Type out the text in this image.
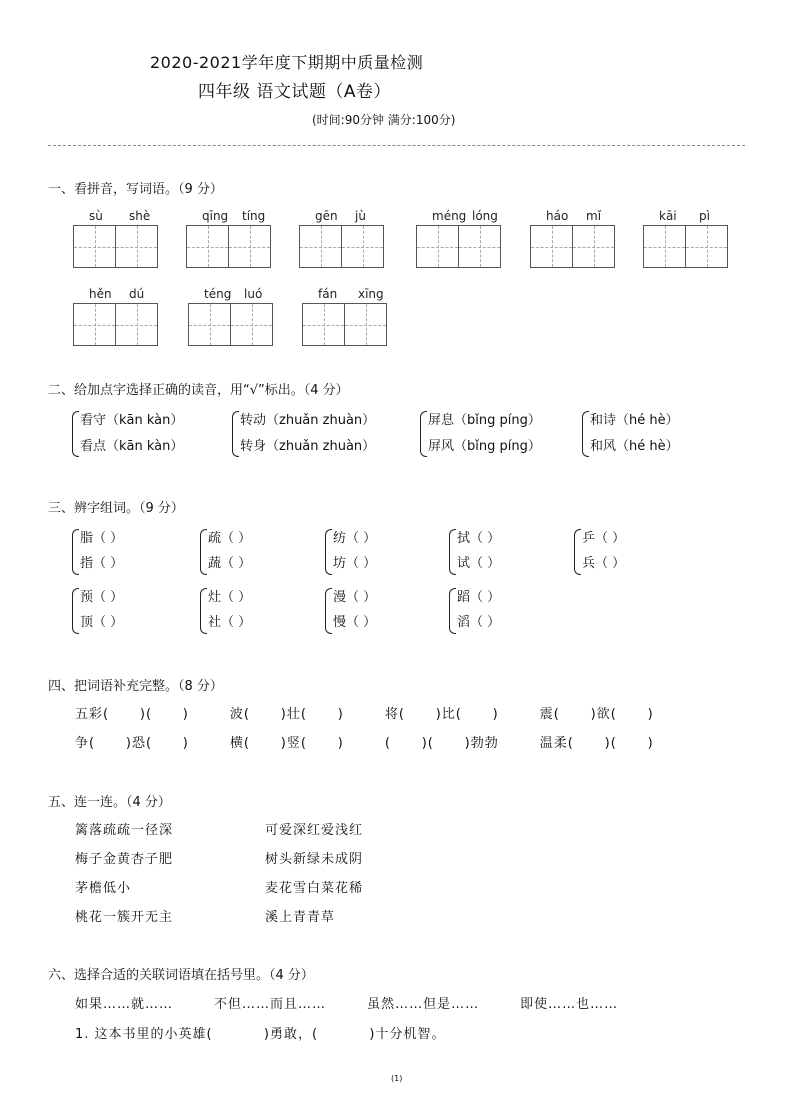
2020-2021学年度下期期中质量检测
四年级 语文试题（A卷）
(时间:90分钟 满分:100分)
一、看拼音，写词语。（9 分）
sù shè	qīng tíng	gēn jù	méng lóng	háo mǐ	kāi pì
hěn dú	téng luó	fán xīng
二、给加点字选择正确的读音，用“√”标出。（4 分）
看守（kān kàn）
看点（kān kàn）
转动（zhuǎn zhuàn）
转身（zhuǎn zhuàn）
屏息（bǐng píng）
屏风（bǐng píng）
和诗（hé hè）
和风（hé hè）
三、辨字组词。（9 分）
脂（ ）
指（ ）
疏（ ）
蔬（ ）
纺（ ）
坊（ ）
拭（ ）
试（ ）
乒（ ）
兵（ ）
预（ ）
顶（ ）
灶（ ）
社（ ）
漫（ ）
慢（ ）
蹈（ ）
滔（ ）
四、把词语补充完整。（8 分）
五彩(      )(      )        波(      )壮(      )        将(      )比(      )        震(      )欲(      )
争(      )恐(      )        横(      )竖(      )        (      )(      )勃勃        温柔(      )(      )
五、连一连。（4 分）
篱落疏疏一径深	可爱深红爱浅红
梅子金黄杏子肥	树头新绿未成阴
茅檐低小	麦花雪白菜花稀
桃花一簇开无主	溪上青青草
六、选择合适的关联词语填在括号里。（4 分）
如果……就……        不但……而且……        虽然……但是……        即使……也……
1. 这本书里的小英雄(          )勇敢，(          )十分机智。
(1)
